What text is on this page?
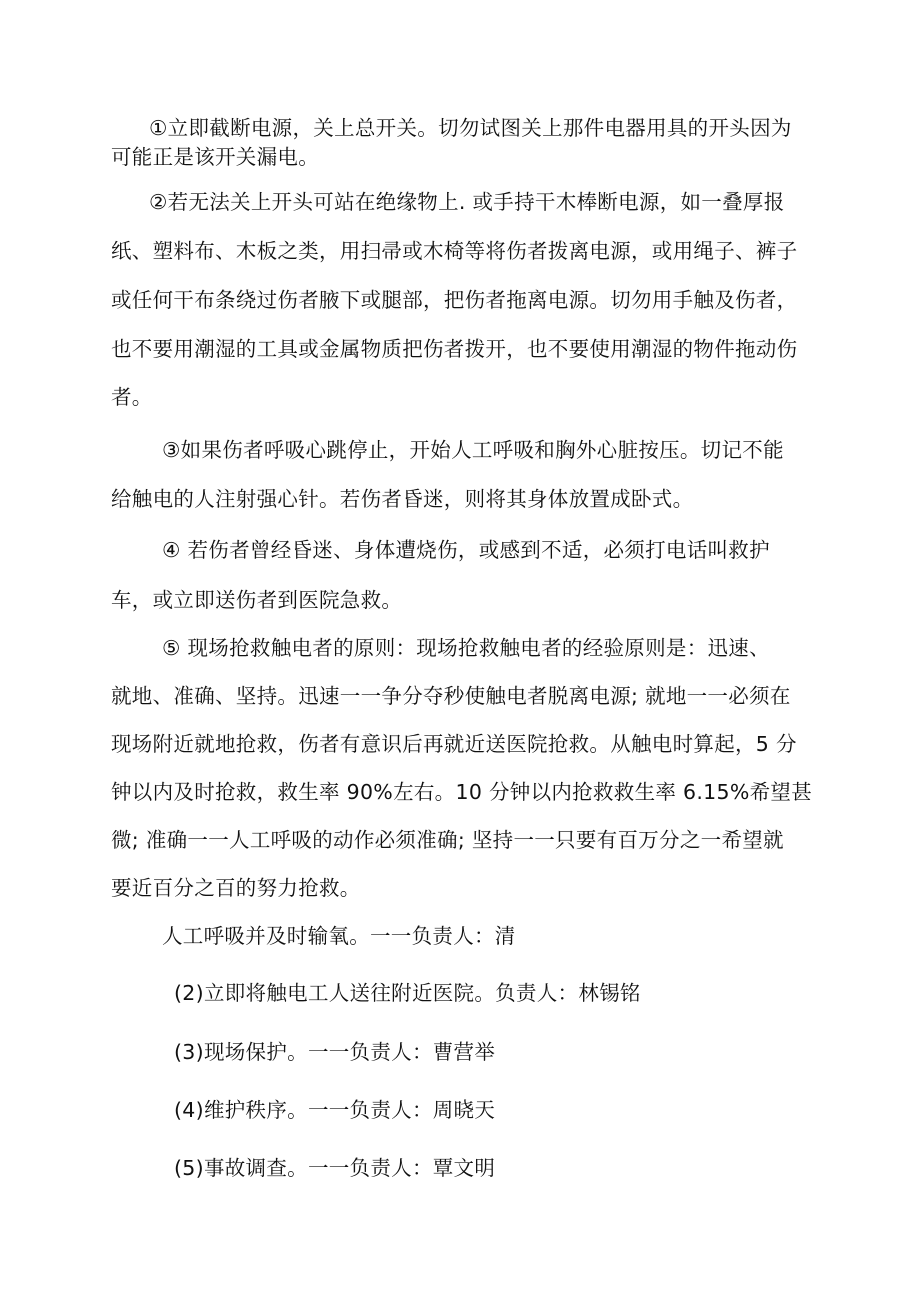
①立即截断电源，关上总开关。切勿试图关上那件电器用具的开头因为
可能正是该开关漏电。
②若无法关上开头可站在绝缘物上. 或手持干木棒断电源，如一叠厚报
纸、塑料布、木板之类，用扫帚或木椅等将伤者拨离电源，或用绳子、裤子
或任何干布条绕过伤者腋下或腿部，把伤者拖离电源。切勿用手触及伤者，
也不要用潮湿的工具或金属物质把伤者拨开，也不要使用潮湿的物件拖动伤
者。
③如果伤者呼吸心跳停止，开始人工呼吸和胸外心脏按压。切记不能
给触电的人注射强心针。若伤者昏迷，则将其身体放置成卧式。
④ 若伤者曾经昏迷、身体遭烧伤，或感到不适，必须打电话叫救护
车，或立即送伤者到医院急救。
⑤ 现场抢救触电者的原则：现场抢救触电者的经验原则是：迅速、
就地、准确、坚持。迅速一一争分夺秒使触电者脱离电源; 就地一一必须在
现场附近就地抢救，伤者有意识后再就近送医院抢救。从触电时算起，5 分
钟以内及时抢救，救生率 90%左右。10 分钟以内抢救救生率 6.15%希望甚
微; 准确一一人工呼吸的动作必须准确; 坚持一一只要有百万分之一希望就
要近百分之百的努力抢救。
人工呼吸并及时输氧。一一负责人：清
(2)立即将触电工人送往附近医院。负责人：林锡铭
(3)现场保护。一一负责人：曹营举
(4)维护秩序。一一负责人：周晓天
(5)事故调查。一一负责人：覃文明
